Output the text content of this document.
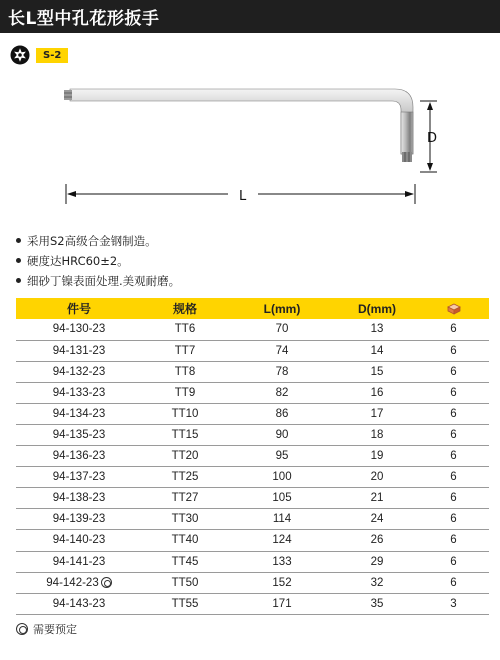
长L型中孔花形扳手
S-2
D
L
采用S2高级合金钢制造。
硬度达HRC60±2。
细砂丁镍表面处理.美观耐磨。
件号	规格	L(mm)	D(mm)	

94-130-23	TT6	70	13	6

94-131-23	TT7	74	14	6

94-132-23	TT8	78	15	6

94-133-23	TT9	82	16	6

94-134-23	TT10	86	17	6

94-135-23	TT15	90	18	6

94-136-23	TT20	95	19	6

94-137-23	TT25	100	20	6

94-138-23	TT27	105	21	6

94-139-23	TT30	114	24	6

94-140-23	TT40	124	26	6

94-141-23	TT45	133	29	6

94-142-23	TT50	152	32	6

94-143-23	TT55	171	35	3
需要预定
